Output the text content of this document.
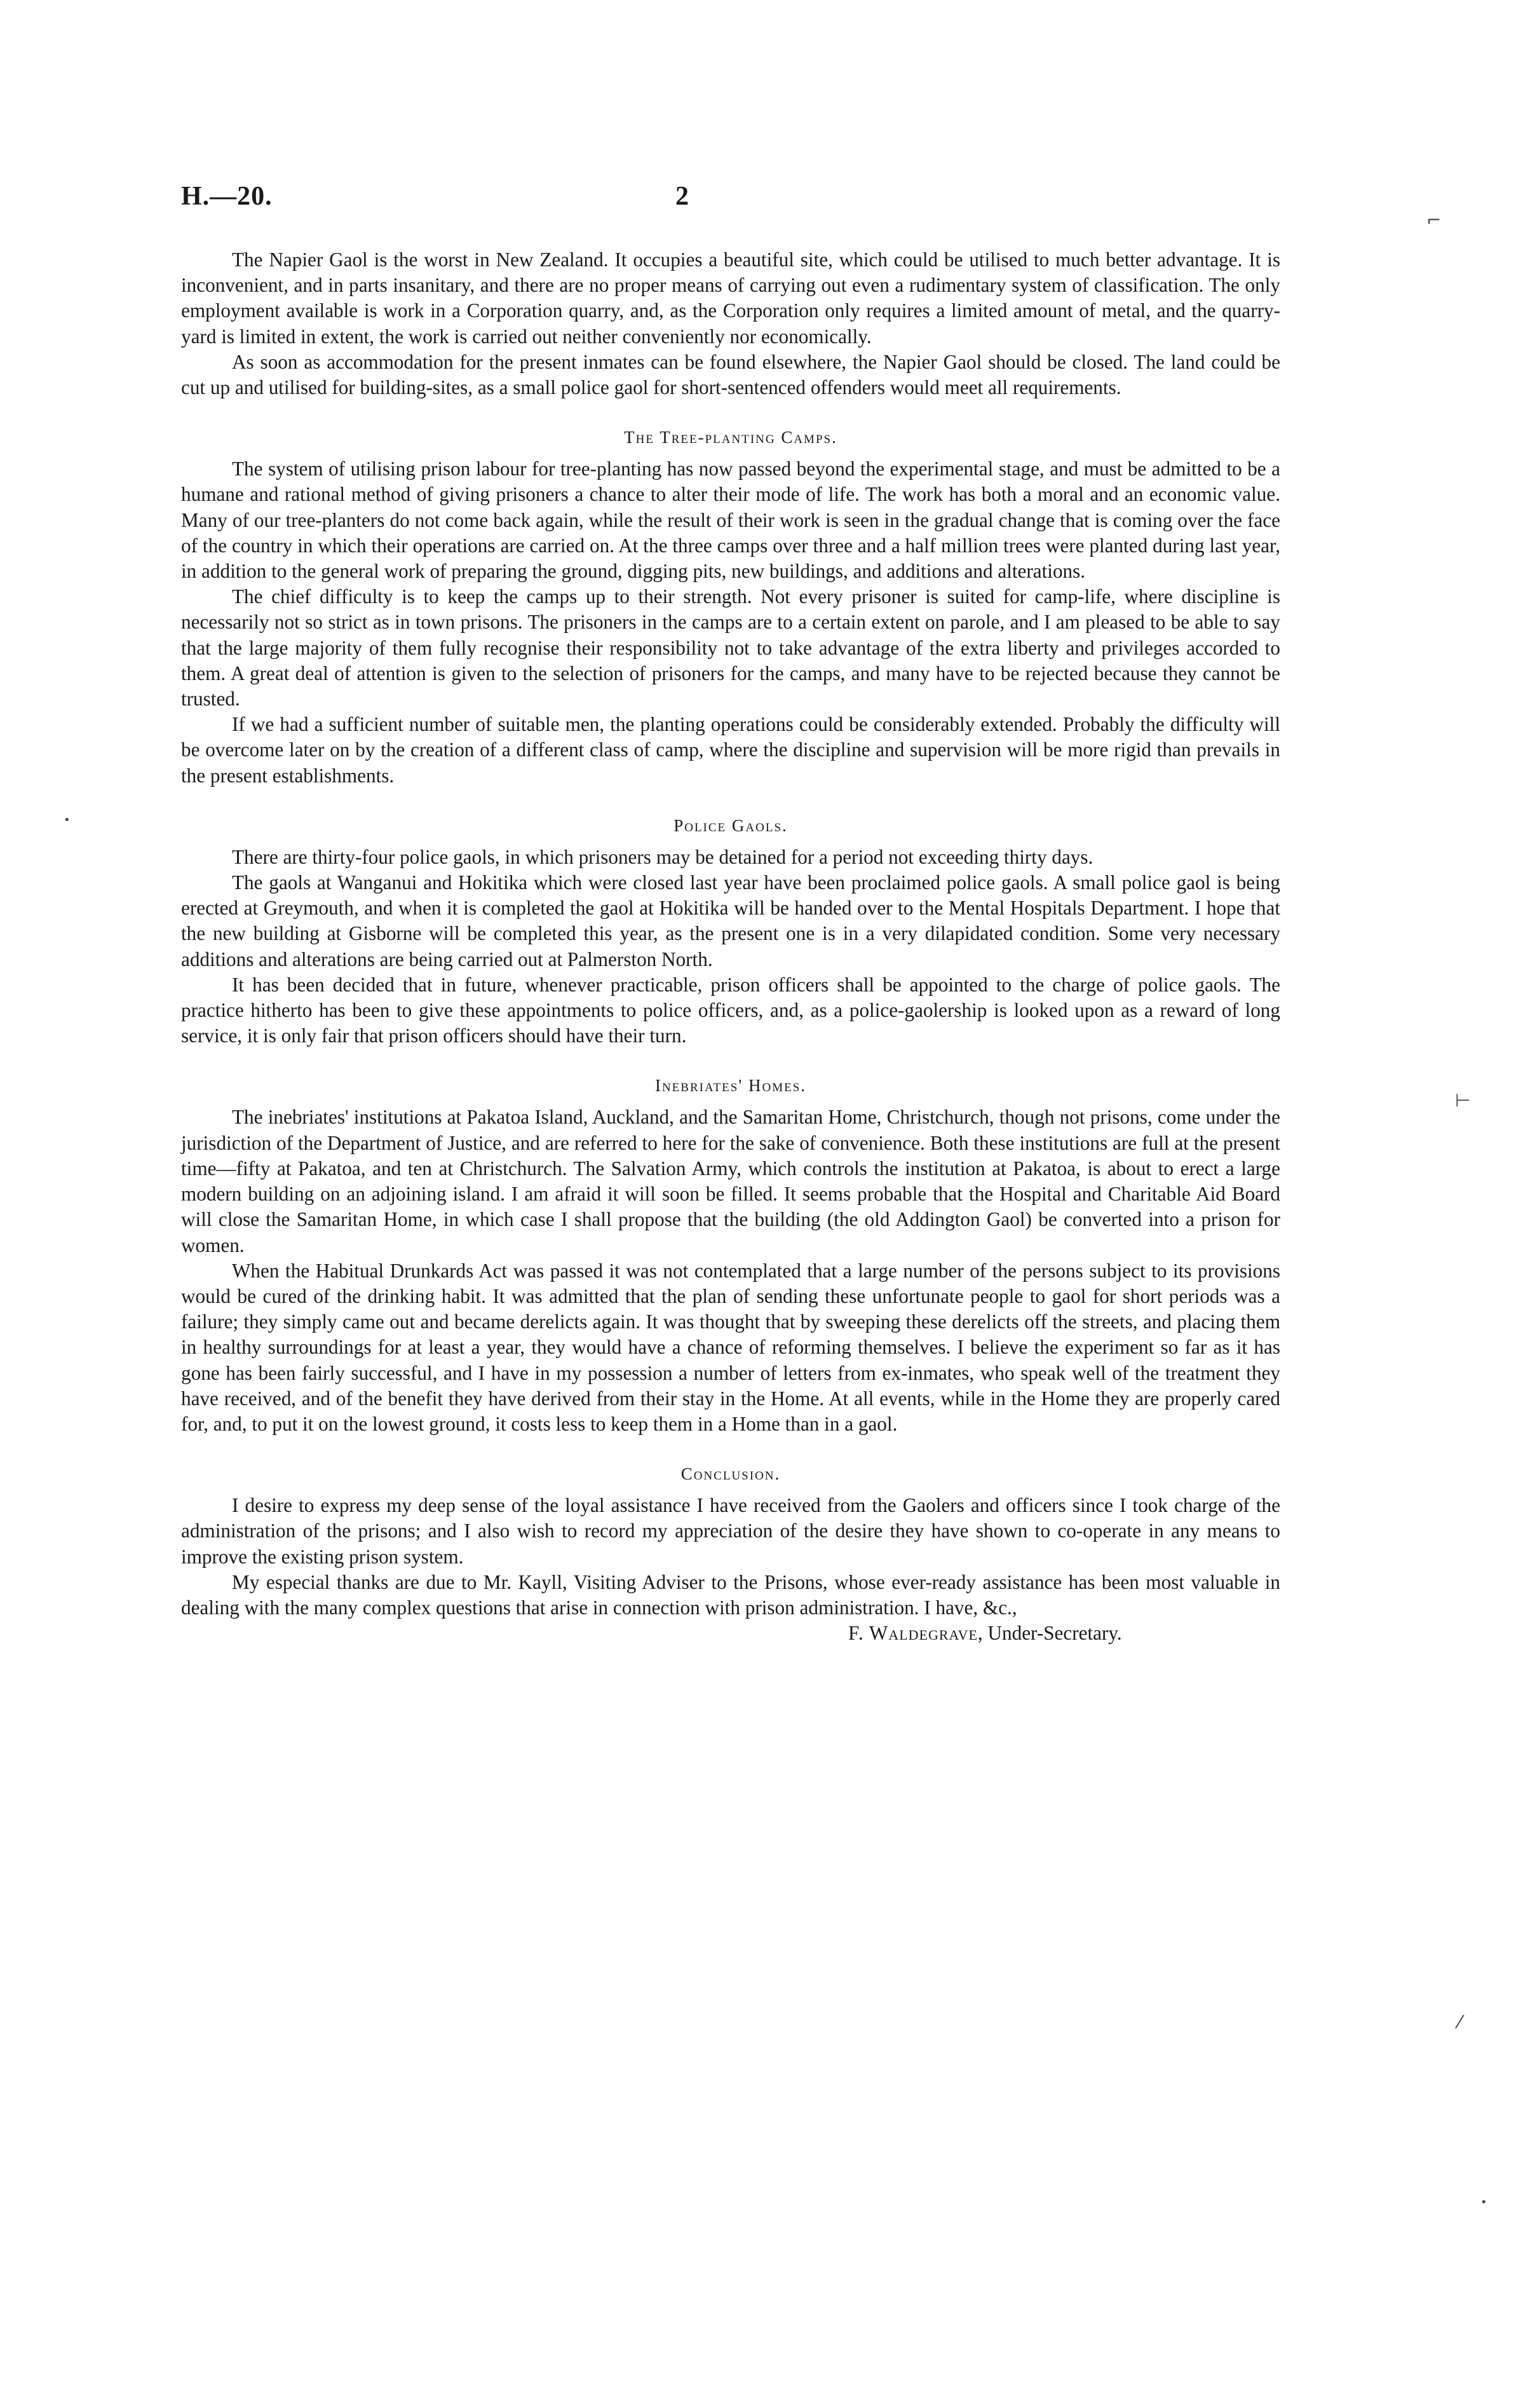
H.—20.	2

The Napier Gaol is the worst in New Zealand. It occupies a beautiful site, which could be utilised to much better advantage. It is inconvenient, and in parts insanitary, and there are no proper means of carrying out even a rudimentary system of classification. The only employment available is work in a Corporation quarry, and, as the Corporation only requires a limited amount of metal, and the quarry-yard is limited in extent, the work is carried out neither conveniently nor economically.

As soon as accommodation for the present inmates can be found elsewhere, the Napier Gaol should be closed. The land could be cut up and utilised for building-sites, as a small police gaol for short-sentenced offenders would meet all requirements.

The Tree-planting Camps.

The system of utilising prison labour for tree-planting has now passed beyond the experimental stage, and must be admitted to be a humane and rational method of giving prisoners a chance to alter their mode of life. The work has both a moral and an economic value. Many of our tree-planters do not come back again, while the result of their work is seen in the gradual change that is coming over the face of the country in which their operations are carried on. At the three camps over three and a half million trees were planted during last year, in addition to the general work of preparing the ground, digging pits, new buildings, and additions and alterations.

The chief difficulty is to keep the camps up to their strength. Not every prisoner is suited for camp-life, where discipline is necessarily not so strict as in town prisons. The prisoners in the camps are to a certain extent on parole, and I am pleased to be able to say that the large majority of them fully recognise their responsibility not to take advantage of the extra liberty and privileges accorded to them. A great deal of attention is given to the selection of prisoners for the camps, and many have to be rejected because they cannot be trusted.

If we had a sufficient number of suitable men, the planting operations could be considerably extended. Probably the difficulty will be overcome later on by the creation of a different class of camp, where the discipline and supervision will be more rigid than prevails in the present establishments.

Police Gaols.

There are thirty-four police gaols, in which prisoners may be detained for a period not exceeding thirty days.

The gaols at Wanganui and Hokitika which were closed last year have been proclaimed police gaols. A small police gaol is being erected at Greymouth, and when it is completed the gaol at Hokitika will be handed over to the Mental Hospitals Department. I hope that the new building at Gisborne will be completed this year, as the present one is in a very dilapidated condition. Some very necessary additions and alterations are being carried out at Palmerston North.

It has been decided that in future, whenever practicable, prison officers shall be appointed to the charge of police gaols. The practice hitherto has been to give these appointments to police officers, and, as a police-gaolership is looked upon as a reward of long service, it is only fair that prison officers should have their turn.

Inebriates' Homes.

The inebriates' institutions at Pakatoa Island, Auckland, and the Samaritan Home, Christchurch, though not prisons, come under the jurisdiction of the Department of Justice, and are referred to here for the sake of convenience. Both these institutions are full at the present time—fifty at Pakatoa, and ten at Christchurch. The Salvation Army, which controls the institution at Pakatoa, is about to erect a large modern building on an adjoining island. I am afraid it will soon be filled. It seems probable that the Hospital and Charitable Aid Board will close the Samaritan Home, in which case I shall propose that the building (the old Addington Gaol) be converted into a prison for women.

When the Habitual Drunkards Act was passed it was not contemplated that a large number of the persons subject to its provisions would be cured of the drinking habit. It was admitted that the plan of sending these unfortunate people to gaol for short periods was a failure; they simply came out and became derelicts again. It was thought that by sweeping these derelicts off the streets, and placing them in healthy surroundings for at least a year, they would have a chance of reforming themselves. I believe the experiment so far as it has gone has been fairly successful, and I have in my possession a number of letters from ex-inmates, who speak well of the treatment they have received, and of the benefit they have derived from their stay in the Home. At all events, while in the Home they are properly cared for, and, to put it on the lowest ground, it costs less to keep them in a Home than in a gaol.

Conclusion.

I desire to express my deep sense of the loyal assistance I have received from the Gaolers and officers since I took charge of the administration of the prisons; and I also wish to record my appreciation of the desire they have shown to co-operate in any means to improve the existing prison system.

My especial thanks are due to Mr. Kayll, Visiting Adviser to the Prisons, whose ever-ready assistance has been most valuable in dealing with the many complex questions that arise in connection with prison administration. I have, &c.,

F. Waldegrave, Under-Secretary.
⌐
⊢
⁄
•
•
